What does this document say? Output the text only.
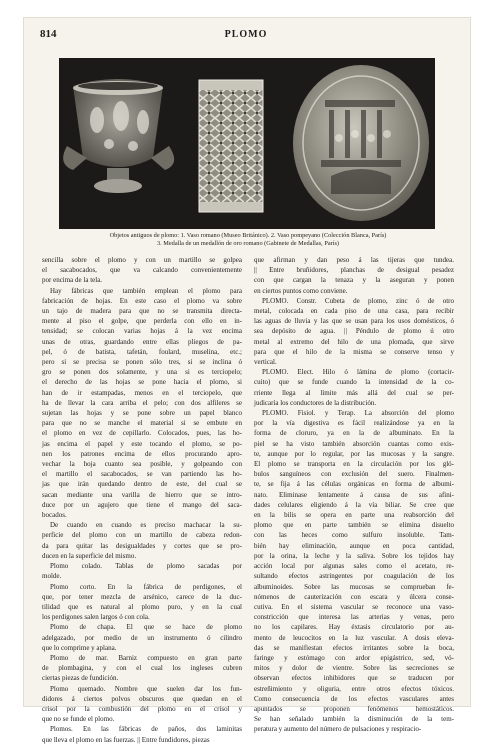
814	PLOMO
Objetos antiguos de plomo: 1. Vaso romano (Museo Británico). 2. Vaso pompeyano (Colección Blanca, París)
3. Medalla de un medallón de oro romano (Gabinete de Medallas, París)
sencilla sobre el plomo y con un martillo se golpea
el sacabocados, que va calcando convenientemente
por encima de la tela.
Hay fábricas que también emplean el plomo para
fabricación de hojas. En este caso el plomo va sobre
un tajo de madera para que no se transmita directa-
mente al piso el golpe, que perderla con ello en in-
tensidad; se colocan varias hojas á la vez encima
unas de otras, guardando entre ellas pliegos de pa-
pel, ó de batista, tafetán, foulard, muselina, etc.;
pero si se precisa se ponen sólo tres, si se inclina ó
gro se ponen dos solamente, y una si es terciopelo;
el derecho de las hojas se pone hacia el plomo, si
han de ir estampadas, menos en el terciopelo, que
ha de llevar la cara arriba el pelo; con dos alfileres se
sujetan las hojas y se pone sobre un papel blanco
para que no se manche el material si se embute en
el plomo en vez de cepillarlo. Colocados, pues, las ho-
jas encima el papel y este tocando el plomo, se po-
nen los patrones encima de ellos procurando apro-
vechar la hoja cuanto sea posible, y golpeando con
el martillo el sacabocados, se van partiendo las ho-
jas que irán quedando dentro de este, del cual se
sacan mediante una varilla de hierro que se intro-
duce por un agujero que tiene el mango del saca-
bocados.
De cuando en cuando es preciso machacar la su-
perficie del plomo con un martillo de cabeza redon-
da para quitar las desigualdades y cortes que se pro-
ducen en la superficie del mismo.
Plomo colado. Tablas de plomo sacadas por
molde.
Plomo corto. En la fábrica de perdigones, el
que, por tener mezcla de arsénico, carece de la duc-
tilidad que es natural al plomo puro, y en la cual
los perdigones salen largos ó con cola.
Plomo de chapa. El que se hace de plomo
adelgazado, por medio de un instrumento ó cilindro
que lo comprime y aplana.
Plomo de mar. Barniz compuesto en gran parte
de plombagina, y con el cual los ingleses cubren
ciertas piezas de fundición.
Plomo quemado. Nombre que suelen dar los fun-
didores á ciertos polvos obscuros que quedan en el
crisol por la combustión del plomo en el crisol y
que no se funde el plomo.
Plomos. En las fábricas de paños, dos laminitas
que lleva el plomo en las fuerzas. || Entre fundidores, piezas
que afirman y dan peso á las tijeras que tundea.
|| Entre bruñidores, planchas de desigual pesadez
con que cargan la tenaza y la aseguran y ponen
en ciertos puntos como conviene.
PLOMO. Constr. Cubeta de plomo, zinc ó de otro
metal, colocada en cada piso de una casa, para recibir
las aguas de lluvia y las que se usan para los usos domésticos, ó
sea depósito de agua. || Péndulo de plomo ú otro
metal al extremo del hilo de una plomada, que sirve
para que el hilo de la misma se conserve tenso y
vertical.
PLOMO. Elect. Hilo ó lámina de plomo (cortacir-
cuito) que se funde cuando la intensidad de la co-
rriente llega al límite más allá del cual se per-
judicaría los conductores de la distribución.
PLOMO. Fisiol. y Terap. La absorción del plomo
por la vía digestiva es fácil realizándose ya en la
forma de cloruro, ya en la de albuminato. En la
piel se ha visto también absorción cuantas como exis-
te, aunque por lo regular, por las mucosas y la sangre.
El plomo se transporta en la circulación por los gló-
bulos sanguíneos con exclusión del suero. Finalmen-
te, se fija á las células orgánicas en forma de albumi-
nato. Eliminase lentamente á causa de sus afini-
dades celulares eligiendo á la vía biliar. Se cree que
en la bilis se opera en parte una reabsorción del
plomo que en parte también se elimina disuelto
con las heces como sulfuro insoluble. Tam-
bién hay eliminación, aunque en poca cantidad,
por la orina, la leche y la saliva. Sobre los tejidos hay
acción local por algunas sales como el acetato, re-
sultando efectos astringentes por coagulación de los
albuminoides. Sobre las mucosas se comprueban fe-
nómenos de cauterización con escara y úlcera conse-
cutiva. En el sistema vascular se reconoce una vaso-
constricción que interesa las arterias y venas, pero
no los capilares. Hay éxtasis circulatorio por au-
mento de leucocitos en la luz vascular. A dosis eleva-
das se manifiestan efectos irritantes sobre la boca,
faringe y estómago con ardor epigástrico, sed, vó-
mitos y dolor de vientre. Sobre las secreciones se
observan efectos inhibidores que se traducen por
estreñimiento y oliguria, entre otros efectos tóxicos.
Como consecuencia de los efectos vasculares antes
apuntados se proponen fenómenos hemostáticos.
Se han señalado también la disminución de la tem-
peratura y aumento del número de pulsaciones y respiracio-
